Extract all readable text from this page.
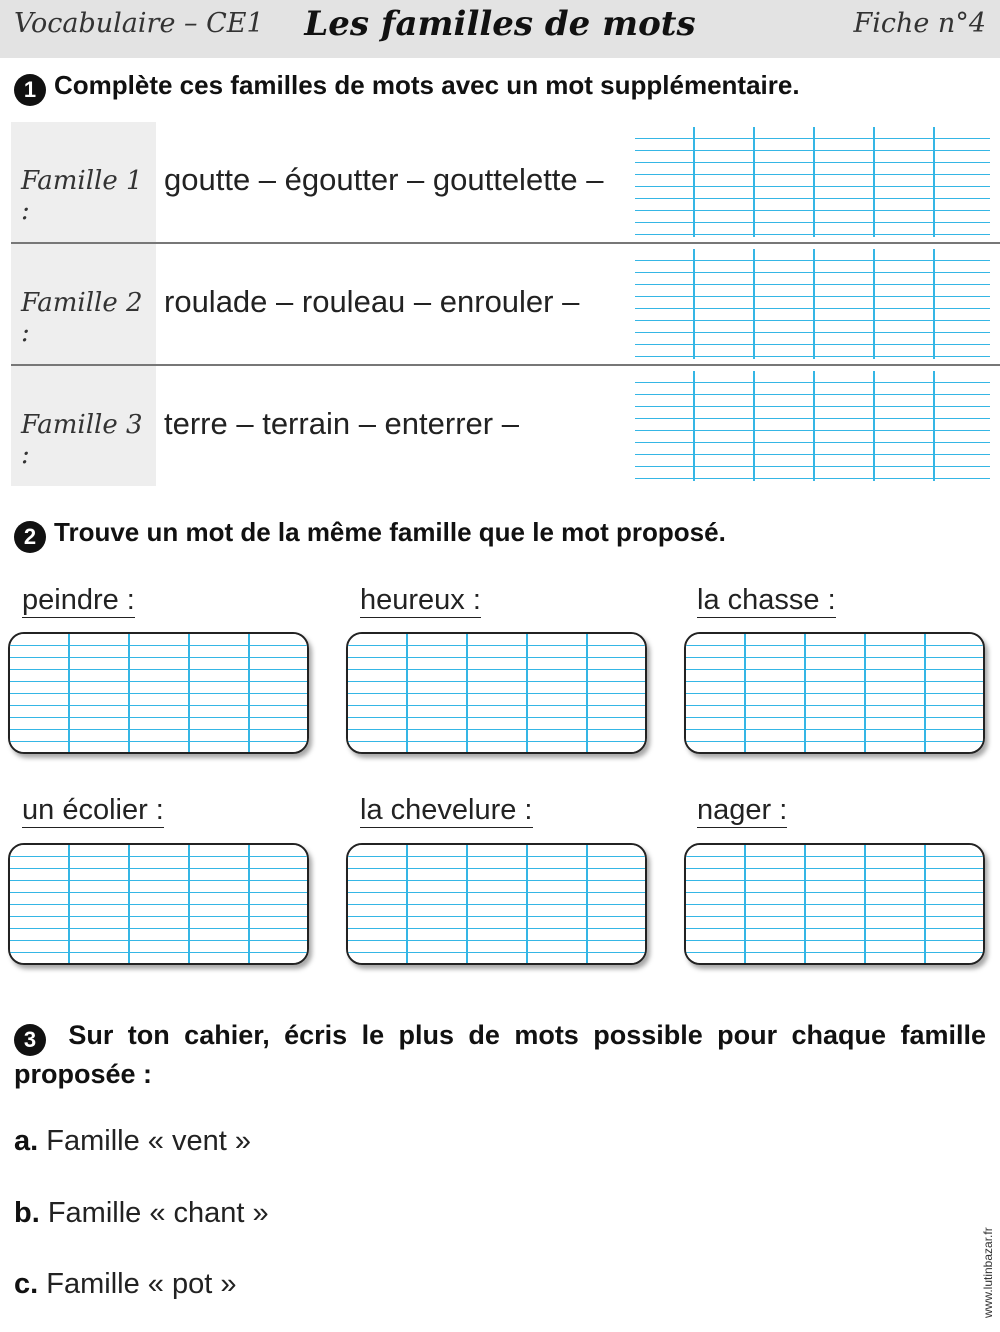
Vocabulaire – CE1	Les familles de mots	Fiche n°4
1 Complète ces familles de mots avec un mot supplémentaire.
Famille 1 :
goutte – égoutter – gouttelette –
Famille 2 :
roulade – rouleau – enrouler –
Famille 3 :
terre – terrain – enterrer –
2 Trouve un mot de la même famille que le mot proposé.
peindre :	heureux :	la chasse :
un écolier :	la chevelure :	nager :
3 Sur ton cahier, écris le plus de mots possible pour chaque famille proposée :
a. Famille « vent »
b. Famille « chant »
c. Famille « pot »	www.lutinbazar.fr
